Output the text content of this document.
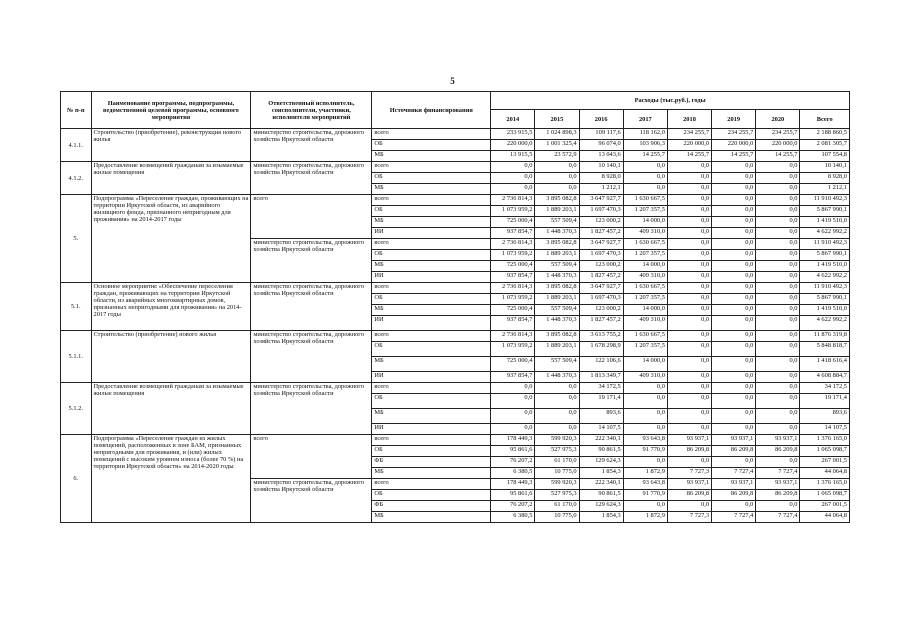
5
№ п-п	Наименование программы, подпрограммы, ведомственной целевой программы, основного мероприятия	Ответственный исполнитель, соисполнители, участники, исполнители мероприятий	Источники финансирования	Расходы (тыс.руб.), годы							
				2014	2015	2016	2017	2018	2019	2020	Всего
4.1.1.	Строительство (приобретение), реконструкция нового жилья	министерство строительства, дорожного хозяйства Иркутской области	всего	233 915,5	1 024 898,3	109 117,6	118 162,0	234 255,7	234 255,7	234 255,7	2 188 860,5
			ОБ	220 000,0	1 001 325,4	96 074,0	103 906,3	220 000,0	220 000,0	220 000,0	2 081 305,7
			МБ	13 915,5	23 572,9	13 043,6	14 255,7	14 255,7	14 255,7	14 255,7	107 554,8
4.1.2.	Предоставление возмещений гражданам за изымаемые жилые помещения	министерство строительства, дорожного хозяйства Иркутской области	всего	0,0	0,0	10 140,1	0,0	0,0	0,0	0,0	10 140,1
			ОБ	0,0	0,0	8 928,0	0,0	0,0	0,0	0,0	8 928,0
			МБ	0,0	0,0	1 212,1	0,0	0,0	0,0	0,0	1 212,1
5.	Подпрограмма «Переселение граждан, проживающих на территории Иркутской области, из аварийного жилищного фонда, признанного непригодным для проживания» на 2014-2017 годы	всего	всего	2 736 814,3	3 895 082,8	3 647 927,7	1 630 667,5	0,0	0,0	0,0	11 910 492,3
			ОБ	1 073 959,2	1 889 203,1	1 697 470,3	1 207 357,5	0,0	0,0	0,0	5 867 990,1
			МБ	725 000,4	557 509,4	123 000,2	14 000,0	0,0	0,0	0,0	1 419 510,0
			ИИ	937 854,7	1 448 370,3	1 827 457,2	409 310,0	0,0	0,0	0,0	4 622 992,2
		министерство строительства, дорожного хозяйства Иркутской области	всего	2 736 814,3	3 895 082,8	3 647 927,7	1 630 667,5	0,0	0,0	0,0	11 910 492,3
			ОБ	1 073 959,2	1 889 203,1	1 697 470,3	1 207 357,5	0,0	0,0	0,0	5 867 990,1
			МБ	725 000,4	557 509,4	123 000,2	14 000,0	0,0	0,0	0,0	1 419 510,0
			ИИ	937 854,7	1 448 370,3	1 827 457,2	409 310,0	0,0	0,0	0,0	4 622 992,2
5.1.	Основное мероприятие «Обеспечение переселения граждан, проживающих на территории Иркутской области, из аварийных многоквартирных домов, признанных непригодными для проживания» на 2014-2017 годы	министерство строительства, дорожного хозяйства Иркутской области	всего	2 736 814,3	3 895 082,8	3 647 927,7	1 630 667,5	0,0	0,0	0,0	11 910 492,3
			ОБ	1 073 959,2	1 889 203,1	1 697 470,3	1 207 357,5	0,0	0,0	0,0	5 867 990,1
			МБ	725 000,4	557 509,4	123 000,2	14 000,0	0,0	0,0	0,0	1 419 510,0
			ИИ	937 854,7	1 448 370,3	1 827 457,2	409 310,0	0,0	0,0	0,0	4 622 992,2
5.1.1.	Строительство (приобретение) нового жилья	министерство строительства, дорожного хозяйства Иркутской области	всего	2 736 814,3	3 895 082,8	3 613 755,2	1 630 667,5	0,0	0,0	0,0	11 876 319,8
			ОБ	1 073 959,2	1 889 203,1	1 678 298,9	1 207 357,5	0,0	0,0	0,0	5 848 818,7
			МБ	725 000,4	557 509,4	122 106,6	14 000,0	0,0	0,0	0,0	1 418 616,4
			ИИ	937 854,7	1 448 370,3	1 813 349,7	409 310,0	0,0	0,0	0,0	4 608 884,7
5.1.2.	Предоставление возмещений гражданам за изымаемые жилые помещения	министерство строительства, дорожного хозяйства Иркутской области	всего	0,0	0,0	34 172,5	0,0	0,0	0,0	0,0	34 172,5
			ОБ	0,0	0,0	19 171,4	0,0	0,0	0,0	0,0	19 171,4
			МБ	0,0	0,0	893,6	0,0	0,0	0,0	0,0	893,6
			ИИ	0,0	0,0	14 107,5	0,0	0,0	0,0	0,0	14 107,5
6.	Подпрограмма «Переселение граждан из жилых помещений, расположенных в зоне БАМ, признанных непригодными для проживания, и (или) жилых помещений с высоким уровнем износа (более 70 %) на территории Иркутской области» на 2014-2020 годы	всего	всего	178 449,3	599 920,3	222 340,1	93 643,8	93 937,1	93 937,1	93 937,1	1 376 165,0
			ОБ	95 861,6	527 975,3	90 861,5	91 770,9	86 209,8	86 209,8	86 209,8	1 065 098,7
			ФБ	76 207,2	61 170,0	129 624,3	0,0	0,0	0,0	0,0	267 001,5
			МБ	6 380,5	10 775,0	1 854,3	1 872,9	7 727,3	7 727,4	7 727,4	44 064,8
		министерство строительства, дорожного хозяйства Иркутской области	всего	178 449,3	599 920,3	222 340,1	93 643,8	93 937,1	93 937,1	93 937,1	1 376 165,0
			ОБ	95 861,6	527 975,3	90 861,5	91 770,9	86 209,8	86 209,8	86 209,8	1 065 098,7
			ФБ	76 207,2	61 170,0	129 624,3	0,0	0,0	0,0	0,0	267 001,5
			МБ	6 380,5	10 775,0	1 854,3	1 872,9	7 727,3	7 727,4	7 727,4	44 064,8
